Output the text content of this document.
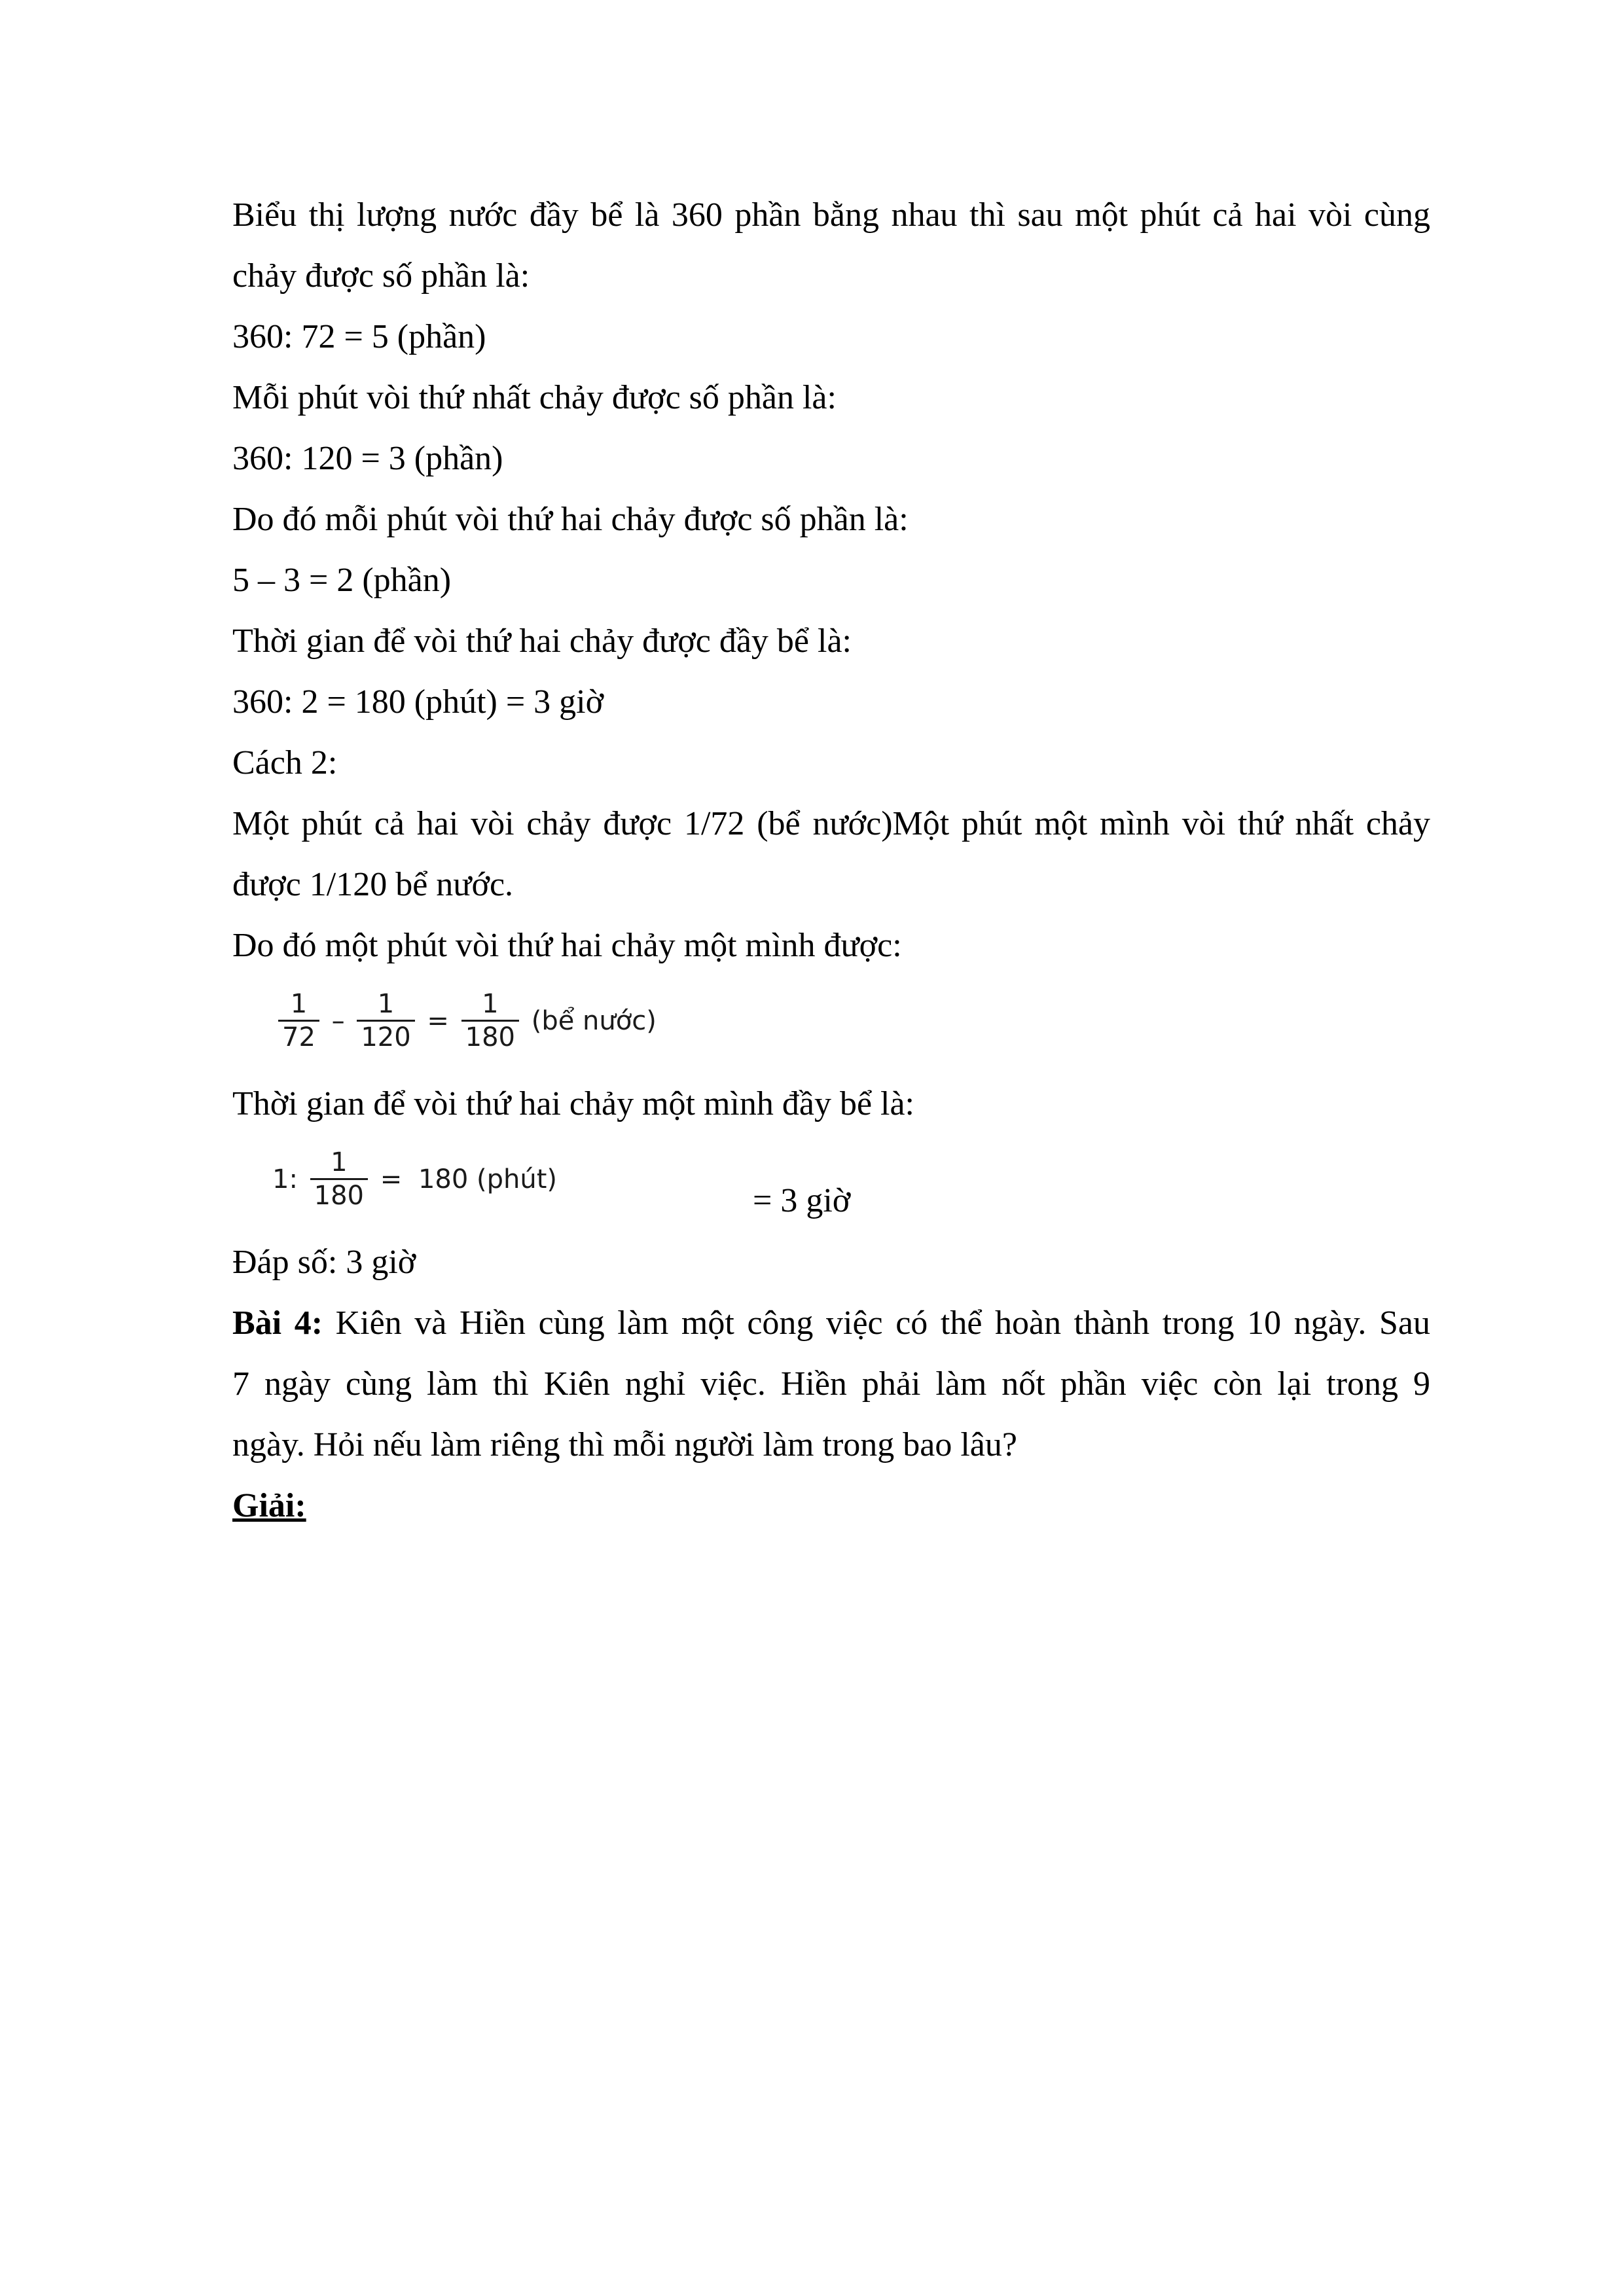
Biểu thị lượng nước đầy bể là 360 phần bằng nhau thì sau một phút cả hai vòi cùng
chảy được số phần là:
360: 72 = 5 (phần)
Mỗi phút vòi thứ nhất chảy được số phần là:
360: 120 = 3 (phần)
Do đó mỗi phút vòi thứ hai chảy được số phần là:
5 – 3 = 2 (phần)
Thời gian để vòi thứ hai chảy được đầy bể là:
360: 2 = 180 (phút) = 3 giờ
Cách 2:
Một phút cả hai vòi chảy được 1/72 (bể nước)Một phút một mình vòi thứ nhất chảy
được 1/120 bể nước.
Do đó một phút vòi thứ hai chảy một mình được:
$\frac{1}{72} - \frac{1}{120} = \frac{1}{180}$ (bể nước)
Thời gian để vòi thứ hai chảy một mình đầy bể là:
1: $\frac{1}{180} = 180$ (phút)
= 3 giờ
Đáp số: 3 giờ
Bài 4: Kiên và Hiền cùng làm một công việc có thể hoàn thành trong 10 ngày. Sau
7 ngày cùng làm thì Kiên nghỉ việc. Hiền phải làm nốt phần việc còn lại trong 9
ngày. Hỏi nếu làm riêng thì mỗi người làm trong bao lâu?
Giải:
